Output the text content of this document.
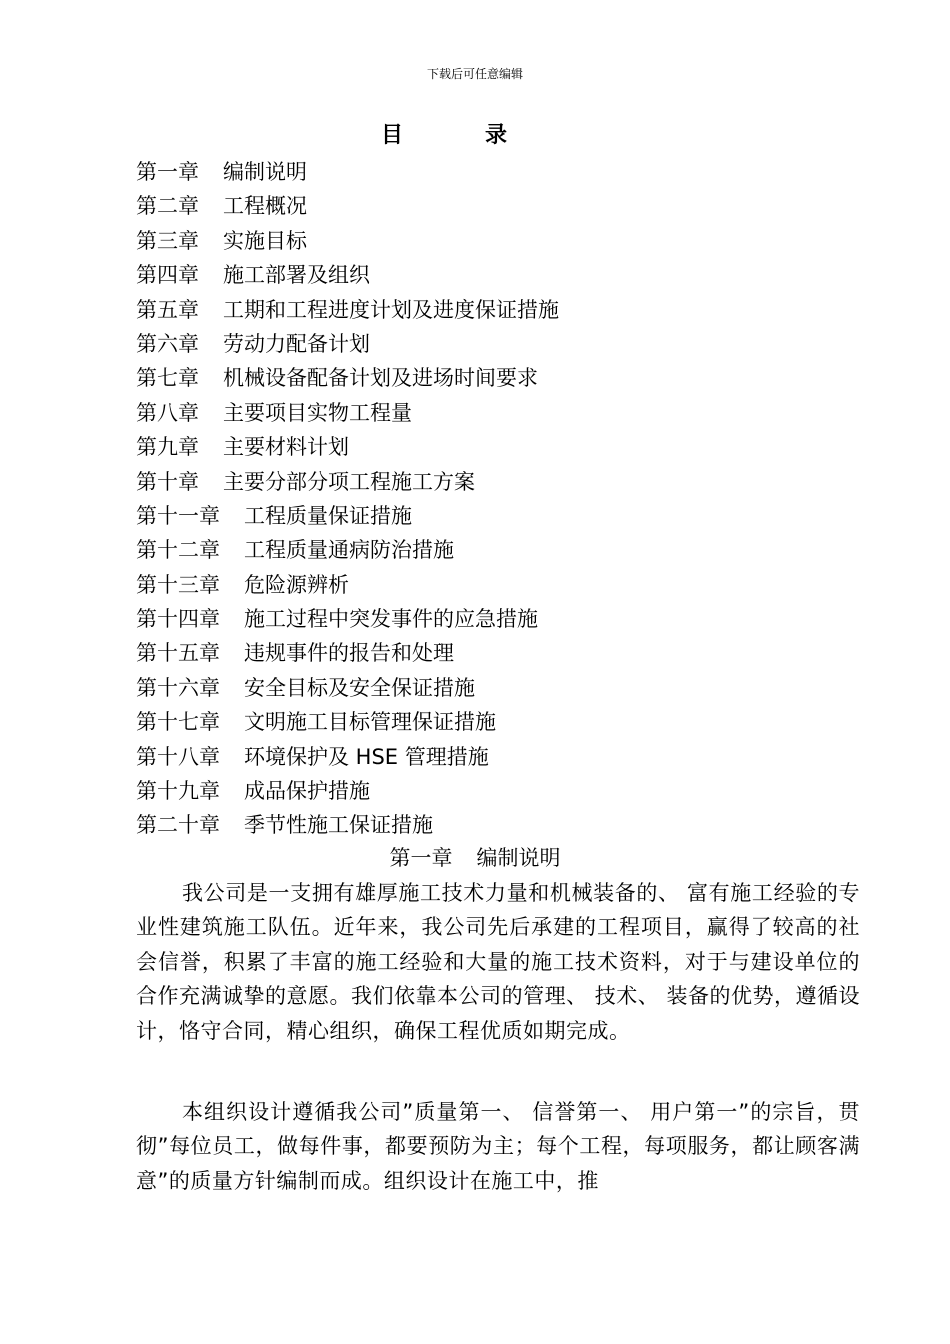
下载后可任意编辑
目录
第一章 编制说明
第二章 工程概况
第三章 实施目标
第四章 施工部署及组织
第五章 工期和工程进度计划及进度保证措施
第六章 劳动力配备计划
第七章 机械设备配备计划及进场时间要求
第八章 主要项目实物工程量
第九章 主要材料计划
第十章 主要分部分项工程施工方案
第十一章 工程质量保证措施
第十二章 工程质量通病防治措施
第十三章 危险源辨析
第十四章 施工过程中突发事件的应急措施
第十五章 违规事件的报告和处理
第十六章 安全目标及安全保证措施
第十七章 文明施工目标管理保证措施
第十八章 环境保护及 HSE 管理措施
第十九章 成品保护措施
第二十章 季节性施工保证措施
第一章 编制说明

我公司是一支拥有雄厚施工技术力量和机械装备的、 富有施工经验的专业性建筑施工队伍。近年来，我公司先后承建的工程项目，赢得了较高的社会信誉，积累了丰富的施工经验和大量的施工技术资料，对于与建设单位的合作充满诚挚的意愿。我们依靠本公司的管理、 技术、 装备的优势，遵循设计，恪守合同，精心组织，确保工程优质如期完成。

本组织设计遵循我公司”质量第一、 信誉第一、 用户第一”的宗旨，贯彻”每位员工，做每件事，都要预防为主；每个工程，每项服务，都让顾客满意”的质量方针编制而成。组织设计在施工中，推
